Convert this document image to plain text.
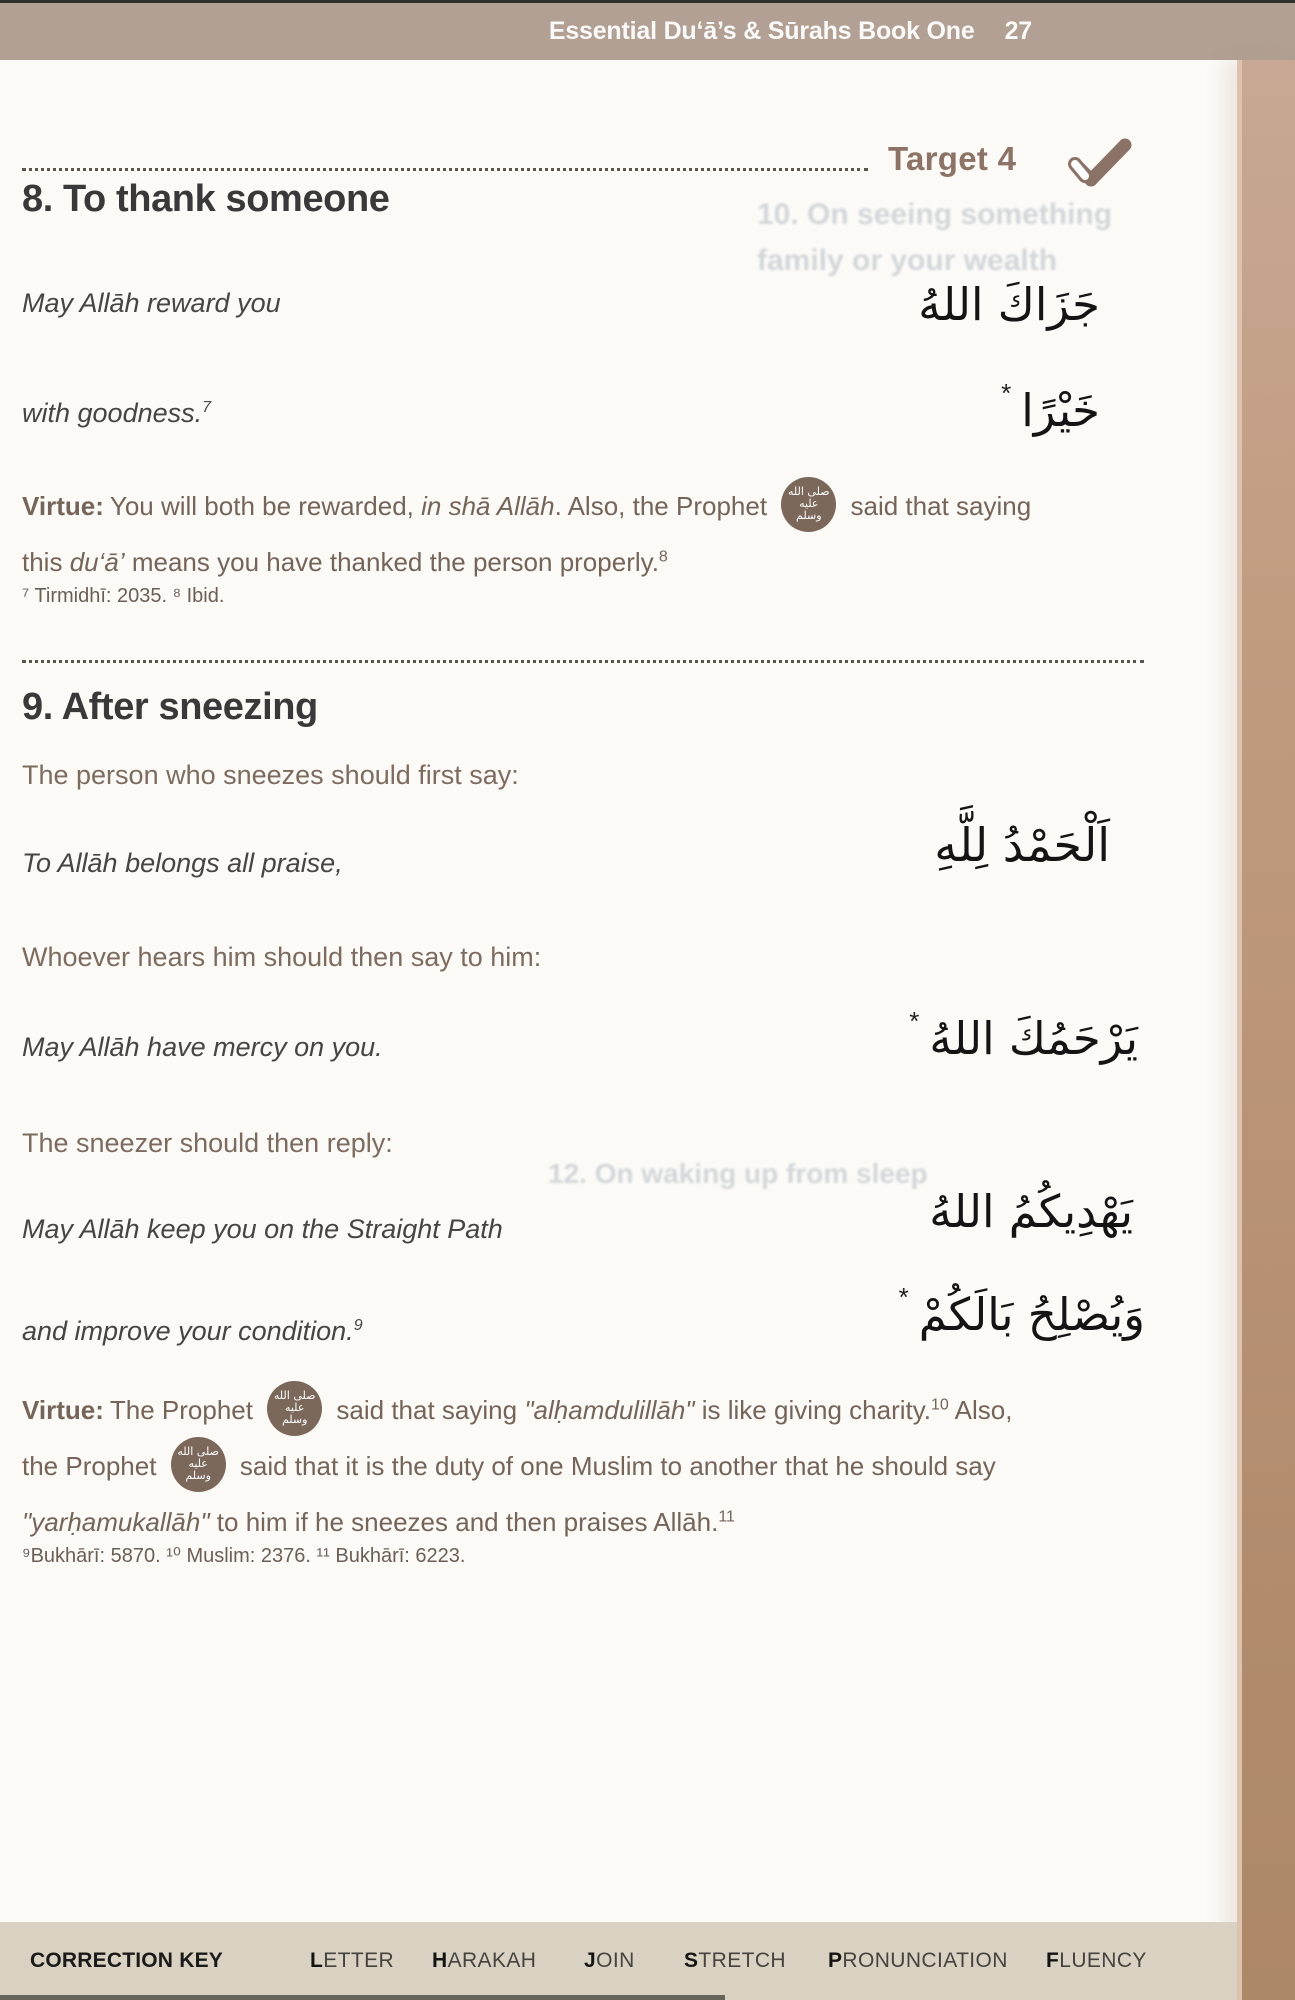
Essential Du‘ā’s & Sūrahs Book One 27
10. On seeing something
family or your wealth
12. On waking up from sleep
Target 4
8. To thank someone
May Allāh reward you	جَزَاكَ اللهُ
with goodness.$^7$	خَيْرًا*
Virtue: You will both be rewarded, in shā Allāh. Also, the Prophet صلى الله عليه وسلم said that saying
this du‘ā’ means you have thanked the person properly.$^8$
⁷ Tirmidhī: 2035. ⁸ Ibid.
9. After sneezing
The person who sneezes should first say:
To Allāh belongs all praise,	اَلْحَمْدُ لِلَّهِ
Whoever hears him should then say to him:
May Allāh have mercy on you.	يَرْحَمُكَ اللهُ*
The sneezer should then reply:
May Allāh keep you on the Straight Path	يَهْدِيكُمُ اللهُ
and improve your condition.$^9$	وَيُصْلِحُ بَالَكُمْ*
Virtue: The Prophet صلى الله عليه وسلم said that saying "alḥamdulillāh" is like giving charity.$^{10}$ Also,
the Prophet صلى الله عليه وسلم said that it is the duty of one Muslim to another that he should say
"yarḥamukallāh" to him if he sneezes and then praises Allāh.$^{11}$
⁹Bukhārī: 5870. ¹⁰ Muslim: 2376. ¹¹ Bukhārī: 6223.
CORRECTION KEY	LETTER HARAKAH JOIN STRETCH PRONUNCIATION FLUENCY
